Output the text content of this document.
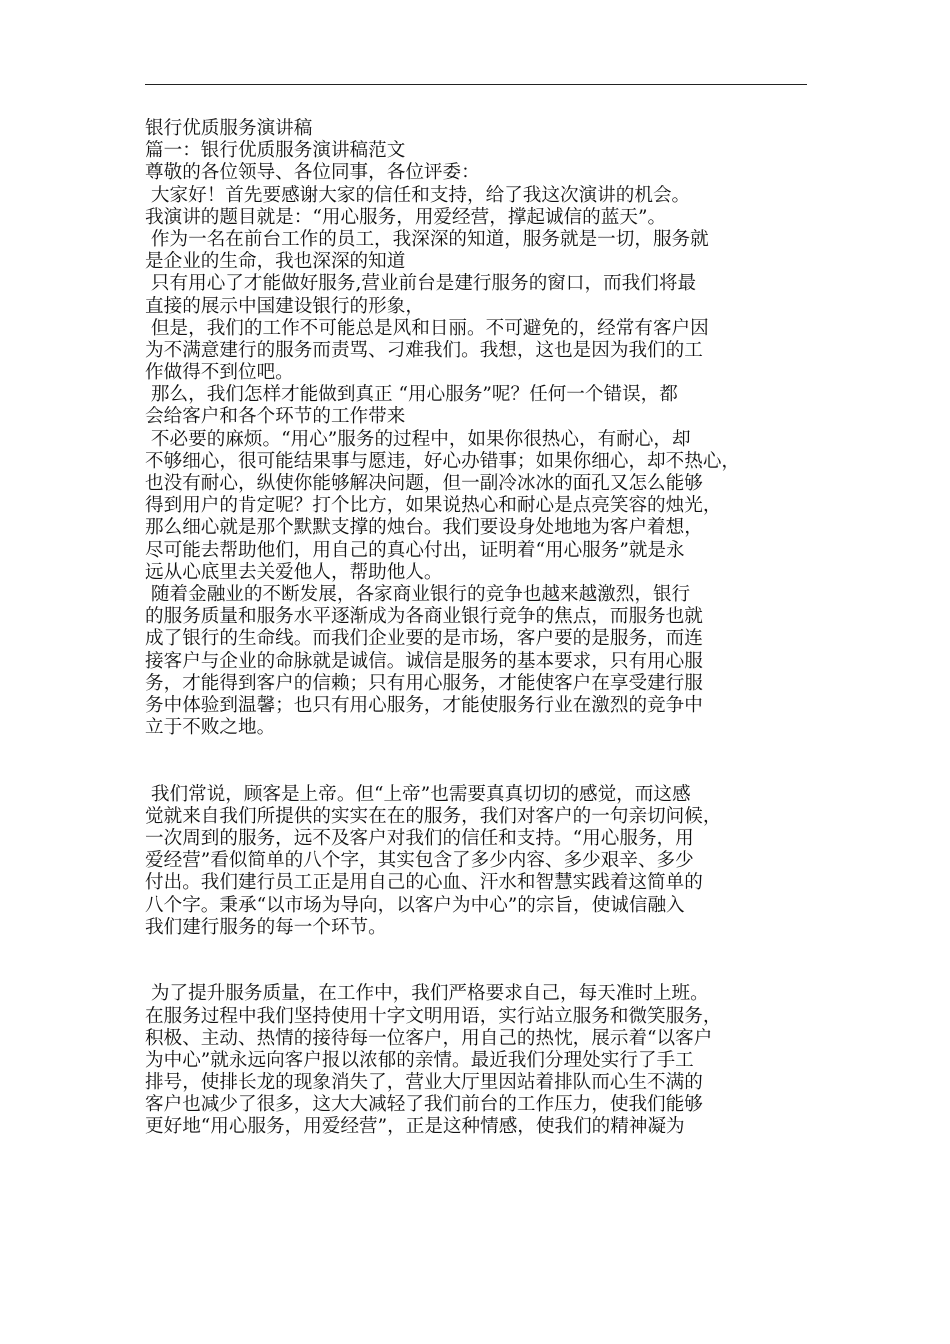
银行优质服务演讲稿
篇一：银行优质服务演讲稿范文
尊敬的各位领导、各位同事，各位评委：
大家好！首先要感谢大家的信任和支持，给了我这次演讲的机会。
我演讲的题目就是：“用心服务，用爱经营，撑起诚信的蓝天”。
作为一名在前台工作的员工，我深深的知道，服务就是一切，服务就
是企业的生命，我也深深的知道
只有用心了才能做好服务,营业前台是建行服务的窗口，而我们将最
直接的展示中国建设银行的形象，
但是，我们的工作不可能总是风和日丽。不可避免的，经常有客户因
为不满意建行的服务而责骂、刁难我们。我想，这也是因为我们的工
作做得不到位吧。
那么，我们怎样才能做到真正 “用心服务”呢？任何一个错误，都
会给客户和各个环节的工作带来
不必要的麻烦。“用心”服务的过程中，如果你很热心，有耐心，却
不够细心，很可能结果事与愿违，好心办错事；如果你细心，却不热心，
也没有耐心，纵使你能够解决问题，但一副冷冰冰的面孔又怎么能够
得到用户的肯定呢？打个比方，如果说热心和耐心是点亮笑容的烛光，
那么细心就是那个默默支撑的烛台。我们要设身处地地为客户着想，
尽可能去帮助他们，用自己的真心付出，证明着“用心服务”就是永
远从心底里去关爱他人，帮助他人。
随着金融业的不断发展，各家商业银行的竞争也越来越激烈，银行
的服务质量和服务水平逐渐成为各商业银行竞争的焦点，而服务也就
成了银行的生命线。而我们企业要的是市场，客户要的是服务，而连
接客户与企业的命脉就是诚信。诚信是服务的基本要求，只有用心服
务，才能得到客户的信赖；只有用心服务，才能使客户在享受建行服
务中体验到温馨；也只有用心服务，才能使服务行业在激烈的竞争中
立于不败之地。
我们常说，顾客是上帝。但“上帝”也需要真真切切的感觉，而这感
觉就来自我们所提供的实实在在的服务，我们对客户的一句亲切问候，
一次周到的服务，远不及客户对我们的信任和支持。“用心服务，用
爱经营”看似简单的八个字，其实包含了多少内容、多少艰辛、多少
付出。我们建行员工正是用自己的心血、汗水和智慧实践着这简单的
八个字。秉承“以市场为导向，以客户为中心”的宗旨，使诚信融入
我们建行服务的每一个环节。
为了提升服务质量，在工作中，我们严格要求自己，每天准时上班。
在服务过程中我们坚持使用十字文明用语，实行站立服务和微笑服务，
积极、主动、热情的接待每一位客户，用自己的热忱，展示着“以客户
为中心”就永远向客户报以浓郁的亲情。最近我们分理处实行了手工
排号，使排长龙的现象消失了，营业大厅里因站着排队而心生不满的
客户也减少了很多，这大大减轻了我们前台的工作压力，使我们能够
更好地“用心服务，用爱经营”，正是这种情感，使我们的精神凝为
